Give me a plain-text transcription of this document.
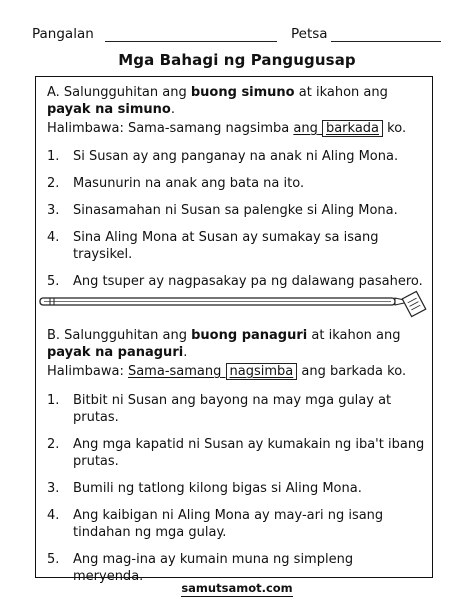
Pangalan	Petsa
Mga Bahagi ng Pangugusap

A. Salungguhitan ang buong simuno at ikahon ang payak na simuno.

Halimbawa: Sama-samang nagsimba ang barkada ko.

1. Si Susan ay ang panganay na anak ni Aling Mona.
2. Masunurin na anak ang bata na ito.
3. Sinasamahan ni Susan sa palengke si Aling Mona.
4. Sina Aling Mona at Susan ay sumakay sa isang traysikel.
5. Ang tsuper ay nagpasakay pa ng dalawang pasahero.

B. Salungguhitan ang buong panaguri at ikahon ang payak na panaguri.

Halimbawa: Sama-samang nagsimba ang barkada ko.

1. Bitbit ni Susan ang bayong na may mga gulay at prutas.
2. Ang mga kapatid ni Susan ay kumakain ng iba't ibang prutas.
3. Bumili ng tatlong kilong bigas si Aling Mona.
4. Ang kaibigan ni Aling Mona ay may-ari ng isang tindahan ng mga gulay.
5. Ang mag-ina ay kumain muna ng simpleng meryenda.
samutsamot.com
